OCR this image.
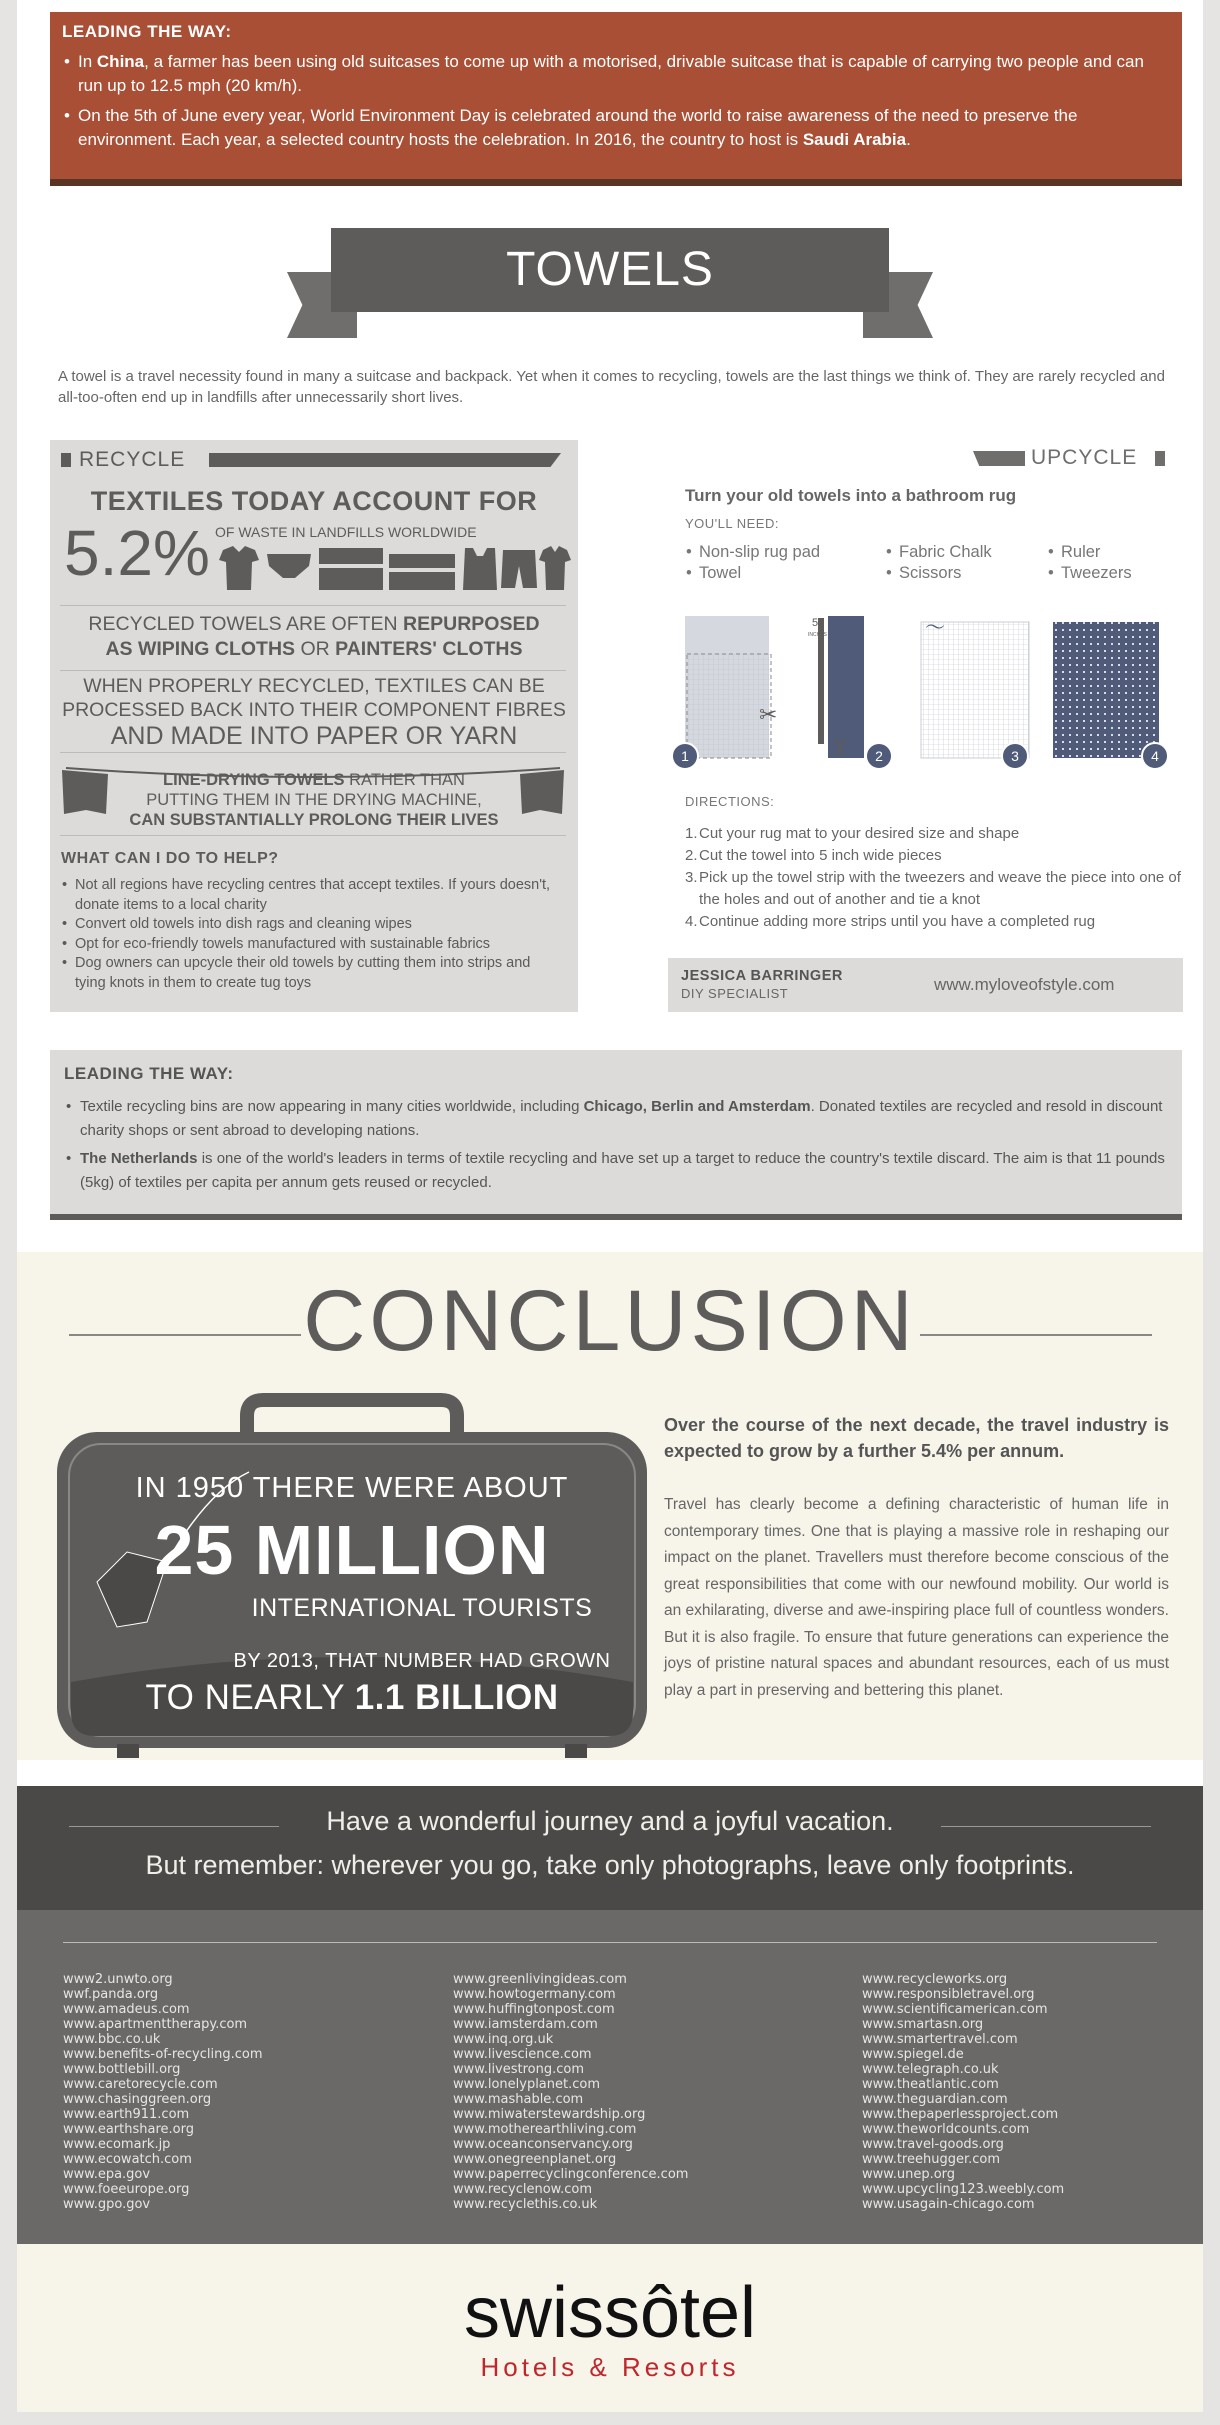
LEADING THE WAY:
• In China, a farmer has been using old suitcases to come up with a motorised, drivable suitcase that is capable of carrying two people and can run up to 12.5 mph (20 km/h).
• On the 5th of June every year, World Environment Day is celebrated around the world to raise awareness of the need to preserve the environment. Each year, a selected country hosts the celebration. In 2016, the country to host is Saudi Arabia.
TOWELS

A towel is a travel necessity found in many a suitcase and backpack. Yet when it comes to recycling, towels are the last things we think of. They are rarely recycled and all-too-often end up in landfills after unnecessarily short lives.

RECYCLE
TEXTILES TODAY ACCOUNT FOR
5.2% OF WASTE IN LANDFILLS WORLDWIDE
RECYCLED TOWELS ARE OFTEN REPURPOSED
AS WIPING CLOTHS OR PAINTERS' CLOTHS
WHEN PROPERLY RECYCLED, TEXTILES CAN BE
PROCESSED BACK INTO THEIR COMPONENT FIBRES
AND MADE INTO PAPER OR YARN
LINE-DRYING TOWELS RATHER THAN
PUTTING THEM IN THE DRYING MACHINE,
CAN SUBSTANTIALLY PROLONG THEIR LIVES
WHAT CAN I DO TO HELP?
• Not all regions have recycling centres that accept textiles. If yours doesn't, donate items to a local charity
• Convert old towels into dish rags and cleaning wipes
• Opt for eco-friendly towels manufactured with sustainable fabrics
• Dog owners can upcycle their old towels by cutting them into strips and tying knots in them to create tug toys
UPCYCLE
Turn your old towels into a bathroom rug
YOU'LL NEED:
• Non-slip rug pad
• Towel
• Fabric Chalk
• Scissors
• Ruler
• Tweezers
✂
5
INCHES
✂
〜
1	2	3	4
DIRECTIONS:
1. Cut your rug mat to your desired size and shape
2. Cut the towel into 5 inch wide pieces
3. Pick up the towel strip with the tweezers and weave the piece into one of the holes and out of another and tie a knot
4. Continue adding more strips until you have a completed rug
JESSICA BARRINGER
DIY SPECIALIST	www.myloveofstyle.com
LEADING THE WAY:
• Textile recycling bins are now appearing in many cities worldwide, including Chicago, Berlin and Amsterdam. Donated textiles are recycled and resold in discount charity shops or sent abroad to developing nations.
• The Netherlands is one of the world's leaders in terms of textile recycling and have set up a target to reduce the country's textile discard. The aim is that 11 pounds (5kg) of textiles per capita per annum gets reused or recycled.
CONCLUSION
IN 1950 THERE WERE ABOUT
25 MILLION
INTERNATIONAL TOURISTS
BY 2013, THAT NUMBER HAD GROWN
TO NEARLY 1.1 BILLION
Over the course of the next decade, the travel industry is expected to grow by a further 5.4% per annum.
Travel has clearly become a defining characteristic of human life in contemporary times. One that is playing a massive role in reshaping our impact on the planet. Travellers must therefore become conscious of the great responsibilities that come with our newfound mobility. Our world is an exhilarating, diverse and awe-inspiring place full of countless wonders. But it is also fragile. To ensure that future generations can experience the joys of pristine natural spaces and abundant resources, each of us must play a part in preserving and bettering this planet.
Have a wonderful journey and a joyful vacation.
But remember: wherever you go, take only photographs, leave only footprints.
www2.unwto.org
wwf.panda.org
www.amadeus.com
www.apartmenttherapy.com
www.bbc.co.uk
www.benefits-of-recycling.com
www.bottlebill.org
www.caretorecycle.com
www.chasinggreen.org
www.earth911.com
www.earthshare.org
www.ecomark.jp
www.ecowatch.com
www.epa.gov
www.foeeurope.org
www.gpo.gov
www.greenlivingideas.com
www.howtogermany.com
www.huffingtonpost.com
www.iamsterdam.com
www.inq.org.uk
www.livescience.com
www.livestrong.com
www.lonelyplanet.com
www.mashable.com
www.miwaterstewardship.org
www.motherearthliving.com
www.oceanconservancy.org
www.onegreenplanet.org
www.paperrecyclingconference.com
www.recyclenow.com
www.recyclethis.co.uk
www.recycleworks.org
www.responsibletravel.org
www.scientificamerican.com
www.smartasn.org
www.smartertravel.com
www.spiegel.de
www.telegraph.co.uk
www.theatlantic.com
www.theguardian.com
www.thepaperlessproject.com
www.theworldcounts.com
www.travel-goods.org
www.treehugger.com
www.unep.org
www.upcycling123.weebly.com
www.usagain-chicago.com
swissôtel
Hotels & Resorts
